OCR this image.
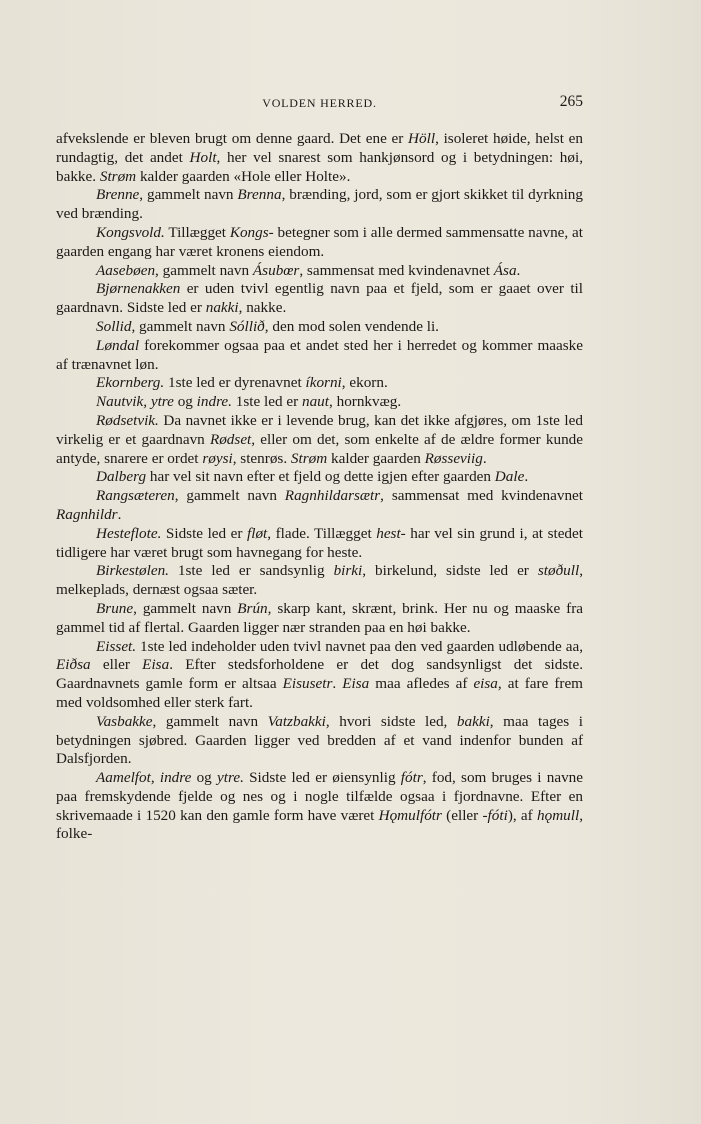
VOLDEN HERRED.	265

afvekslende er bleven brugt om denne gaard. Det ene er Höll, isoleret høide, helst en rundagtig, det andet Holt, her vel snarest som hankjønsord og i betydningen: høi, bakke. Strøm kalder gaarden «Hole eller Holte».

Brenne, gammelt navn Brenna, brænding, jord, som er gjort skikket til dyrkning ved brænding.

Kongsvold. Tillægget Kongs- betegner som i alle dermed sammensatte navne, at gaarden engang har været kronens eiendom.

Aasebøen, gammelt navn Ásubœr, sammensat med kvindenavnet Ása.

Bjørnenakken er uden tvivl egentlig navn paa et fjeld, som er gaaet over til gaardnavn. Sidste led er nakki, nakke.

Sollid, gammelt navn Sóllið, den mod solen vendende li.

Løndal forekommer ogsaa paa et andet sted her i herredet og kommer maaske af trænavnet løn.

Ekornberg. 1ste led er dyrenavnet íkorni, ekorn.

Nautvik, ytre og indre. 1ste led er naut, hornkvæg.

Rødsetvik. Da navnet ikke er i levende brug, kan det ikke afgjøres, om 1ste led virkelig er et gaardnavn Rødset, eller om det, som enkelte af de ældre former kunde antyde, snarere er ordet røysi, stenrøs. Strøm kalder gaarden Røsseviig.

Dalberg har vel sit navn efter et fjeld og dette igjen efter gaarden Dale.

Rangsæteren, gammelt navn Ragnhildarsætr, sammensat med kvindenavnet Ragnhildr.

Hesteflote. Sidste led er fløt, flade. Tillægget hest- har vel sin grund i, at stedet tidligere har været brugt som havnegang for heste.

Birkestølen. 1ste led er sandsynlig birki, birkelund, sidste led er støðull, melkeplads, dernæst ogsaa sæter.

Brune, gammelt navn Brún, skarp kant, skrænt, brink. Her nu og maaske fra gammel tid af flertal. Gaarden ligger nær stranden paa en høi bakke.

Eisset. 1ste led indeholder uden tvivl navnet paa den ved gaarden udløbende aa, Eiðsa eller Eisa. Efter stedsforholdene er det dog sandsynligst det sidste. Gaardnavnets gamle form er altsaa Eisusetr. Eisa maa afledes af eisa, at fare frem med voldsomhed eller sterk fart.

Vasbakke, gammelt navn Vatzbakki, hvori sidste led, bakki, maa tages i betydningen sjøbred. Gaarden ligger ved bredden af et vand indenfor bunden af Dalsfjorden.

Aamelfot, indre og ytre. Sidste led er øiensynlig fótr, fod, som bruges i navne paa fremskydende fjelde og nes og i nogle tilfælde ogsaa i fjordnavne. Efter en skrivemaade i 1520 kan den gamle form have været Hǫmulfótr (eller -fóti), af hǫmull, folke-
